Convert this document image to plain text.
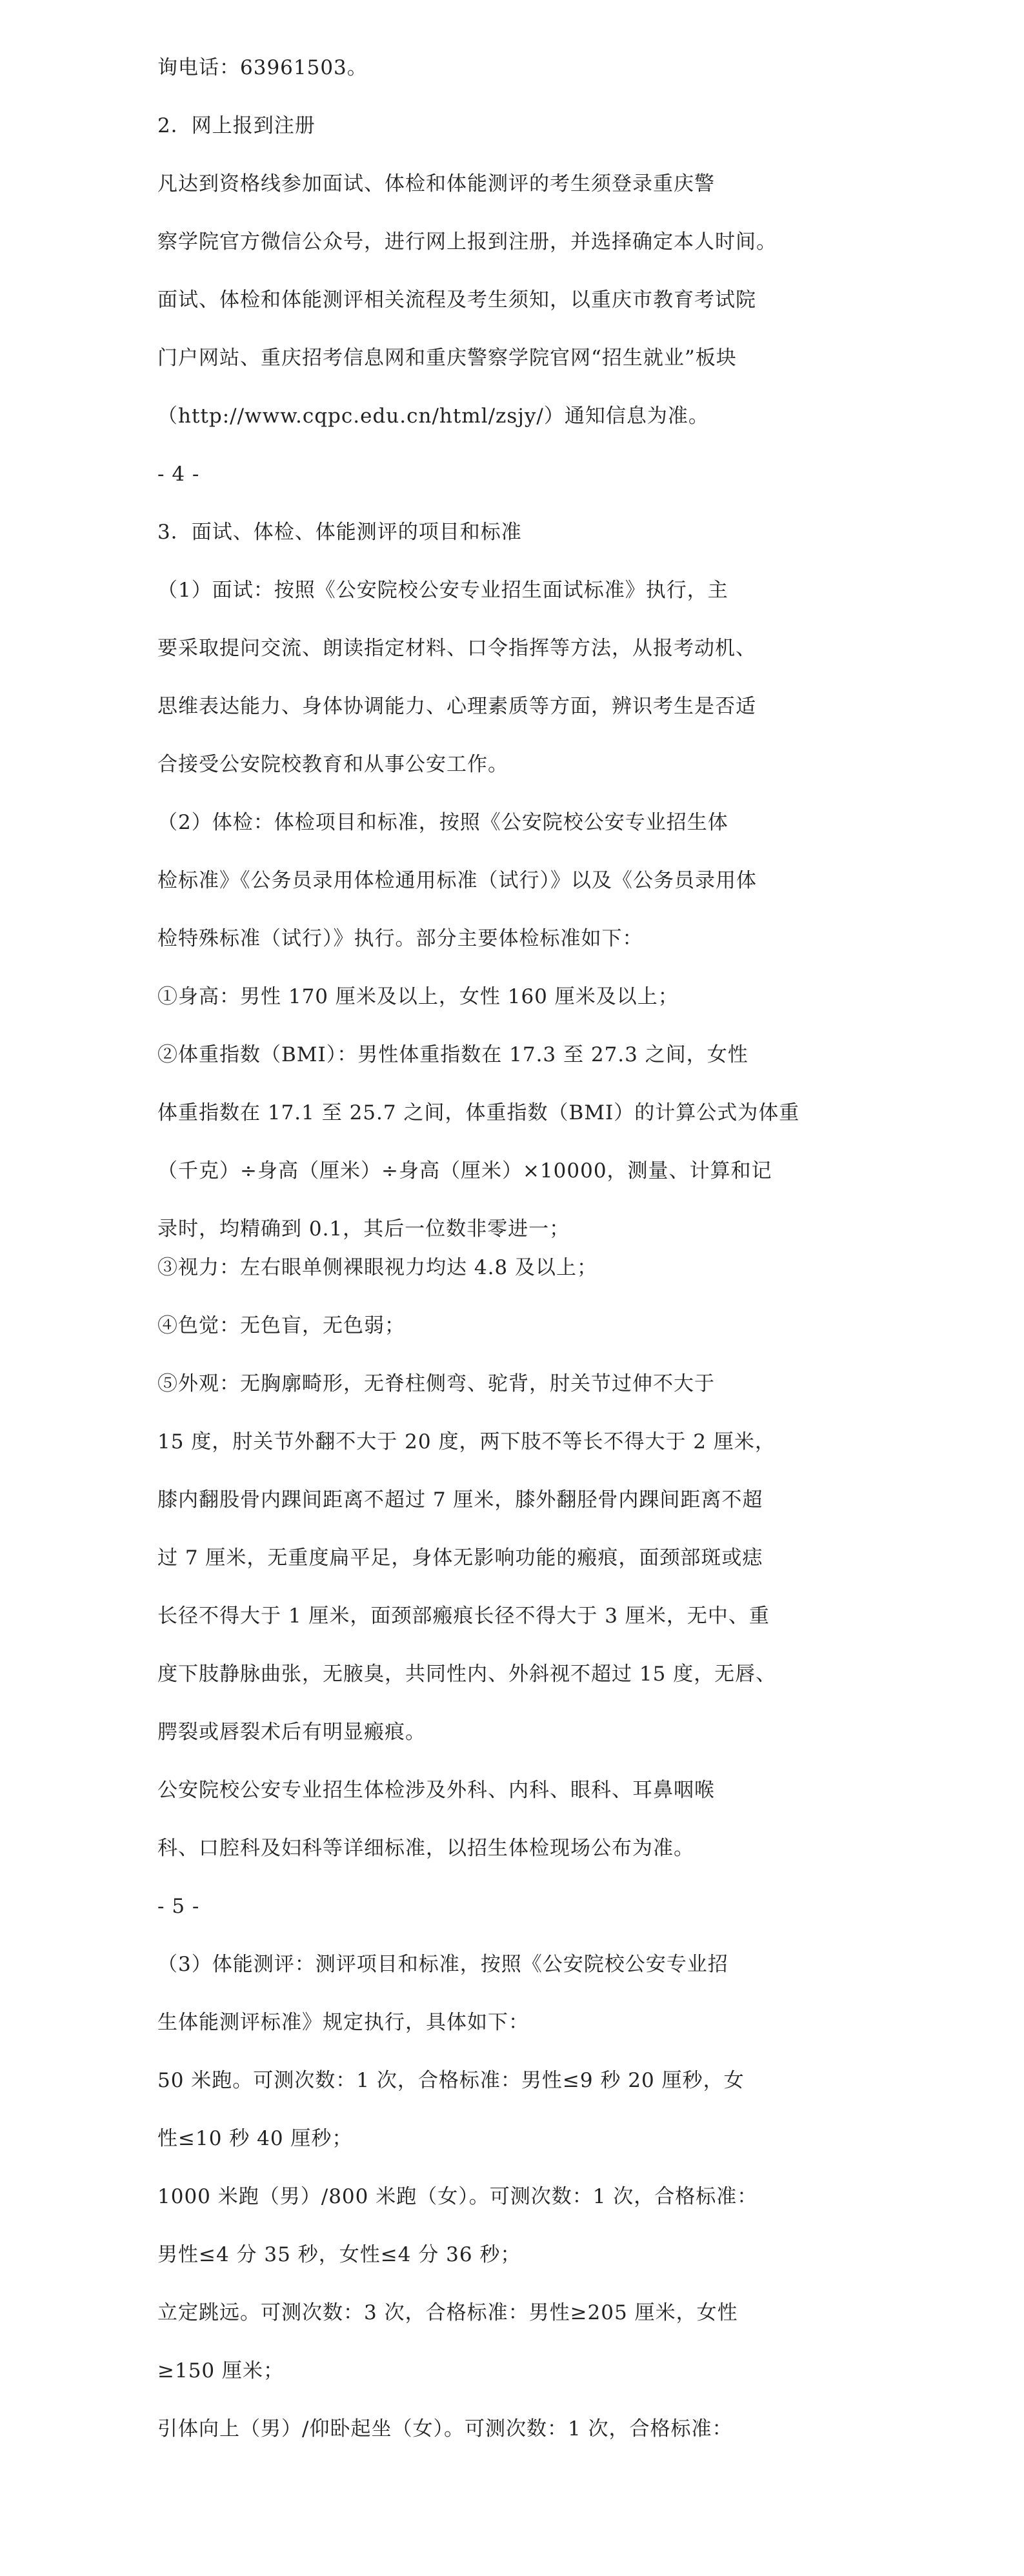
询电话：63961503。
2．网上报到注册
凡达到资格线参加面试、体检和体能测评的考生须登录重庆警
察学院官方微信公众号，进行网上报到注册，并选择确定本人时间。
面试、体检和体能测评相关流程及考生须知，以重庆市教育考试院
门户网站、重庆招考信息网和重庆警察学院官网“招生就业”板块
（http://www.cqpc.edu.cn/html/zsjy/）通知信息为准。
- 4 -
3．面试、体检、体能测评的项目和标准
（1）面试：按照《公安院校公安专业招生面试标准》执行，主
要采取提问交流、朗读指定材料、口令指挥等方法，从报考动机、
思维表达能力、身体协调能力、心理素质等方面，辨识考生是否适
合接受公安院校教育和从事公安工作。
（2）体检：体检项目和标准，按照《公安院校公安专业招生体
检标准》《公务员录用体检通用标准（试行）》以及《公务员录用体
检特殊标准（试行）》执行。部分主要体检标准如下：
①身高：男性 170 厘米及以上，女性 160 厘米及以上；
②体重指数（BMI）：男性体重指数在 17.3 至 27.3 之间，女性
体重指数在 17.1 至 25.7 之间，体重指数（BMI）的计算公式为体重
（千克）÷身高（厘米）÷身高（厘米）×10000，测量、计算和记
录时，均精确到 0.1，其后一位数非零进一；
③视力：左右眼单侧裸眼视力均达 4.8 及以上；
④色觉：无色盲，无色弱；
⑤外观：无胸廓畸形，无脊柱侧弯、驼背，肘关节过伸不大于
15 度，肘关节外翻不大于 20 度，两下肢不等长不得大于 2 厘米，
膝内翻股骨内踝间距离不超过 7 厘米，膝外翻胫骨内踝间距离不超
过 7 厘米，无重度扁平足，身体无影响功能的瘢痕，面颈部斑或痣
长径不得大于 1 厘米，面颈部瘢痕长径不得大于 3 厘米，无中、重
度下肢静脉曲张，无腋臭，共同性内、外斜视不超过 15 度，无唇、
腭裂或唇裂术后有明显瘢痕。
公安院校公安专业招生体检涉及外科、内科、眼科、耳鼻咽喉
科、口腔科及妇科等详细标准，以招生体检现场公布为准。
- 5 -
（3）体能测评：测评项目和标准，按照《公安院校公安专业招
生体能测评标准》规定执行，具体如下：
50 米跑。可测次数：1 次，合格标准：男性≤9 秒 20 厘秒，女
性≤10 秒 40 厘秒；
1000 米跑（男）/800 米跑（女）。可测次数：1 次，合格标准：
男性≤4 分 35 秒，女性≤4 分 36 秒；
立定跳远。可测次数：3 次，合格标准：男性≥205 厘米，女性
≥150 厘米；
引体向上（男）/仰卧起坐（女）。可测次数：1 次，合格标准：
